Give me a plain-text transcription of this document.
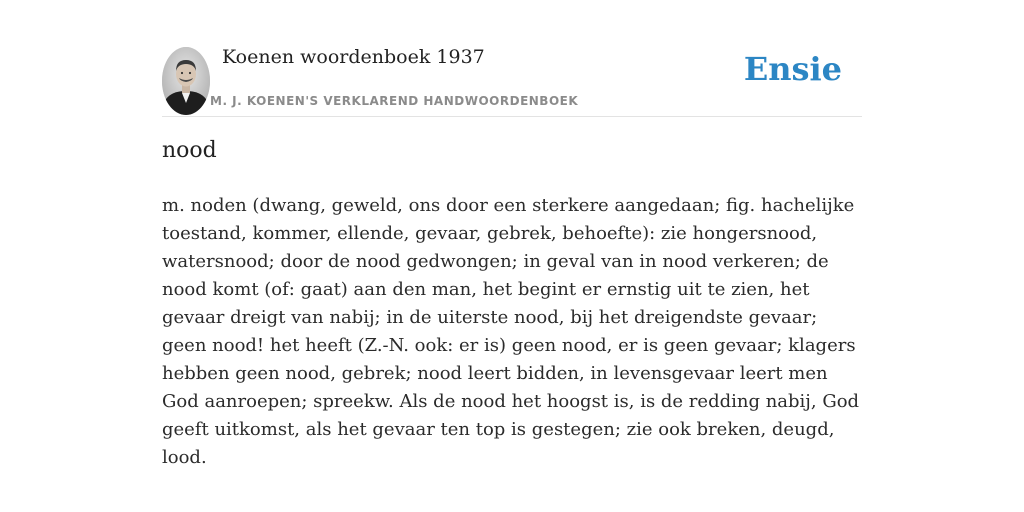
Koenen woordenboek 1937
M. J. KOENEN'S VERKLAREND HANDWOORDENBOEK
Ensie
nood

m. noden (dwang, geweld, ons door een sterkere aangedaan; fig. hachelijke toestand, kommer, ellende, gevaar, gebrek, behoefte): zie hongersnood, watersnood; door de nood gedwongen; in geval van in nood verkeren; de nood komt (of: gaat) aan den man, het begint er ernstig uit te zien, het gevaar dreigt van nabij; in de uiterste nood, bij het dreigendste gevaar; geen nood! het heeft (Z.-N. ook: er is) geen nood, er is geen gevaar; klagers hebben geen nood, gebrek; nood leert bidden, in levensgevaar leert men God aanroepen; spreekw. Als de nood het hoogst is, is de redding nabij, God geeft uitkomst, als het gevaar ten top is gestegen; zie ook breken, deugd, lood.
